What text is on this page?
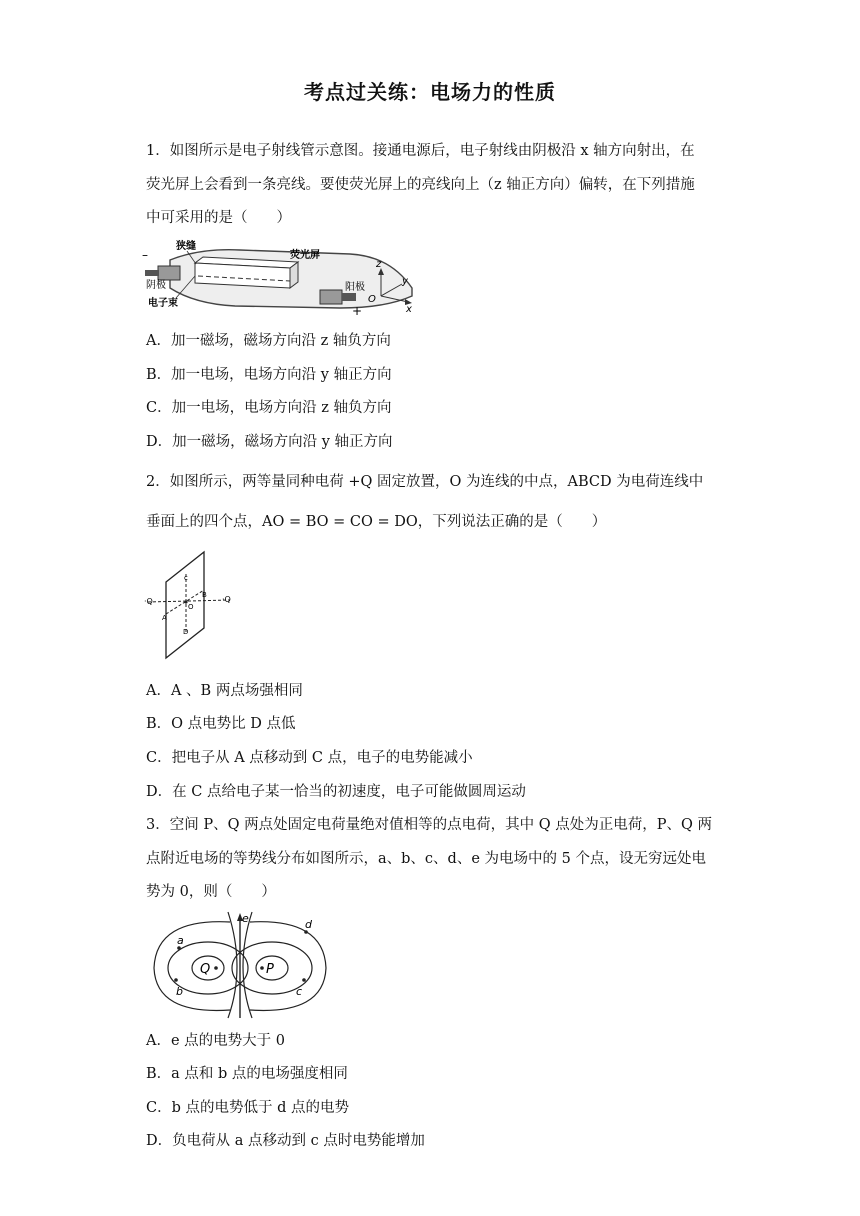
考点过关练：电场力的性质
1．如图所示是电子射线管示意图。接通电源后，电子射线由阴极沿 x 轴方向射出，在
荧光屏上会看到一条亮线。要使荧光屏上的亮线向上（z 轴正方向）偏转，在下列措施
中可采用的是（　　）
–
狭缝
荧光屏
阴极
电子束
阳极
+
z
y
x
O
A．加一磁场，磁场方向沿 z 轴负方向
B．加一电场，电场方向沿 y 轴正方向
C．加一电场，电场方向沿 z 轴负方向
D．加一磁场，磁场方向沿 y 轴正方向
2．如图所示，两等量同种电荷 +Q 固定放置，O 为连线的中点，ABCD 为电荷连线中
垂面上的四个点，AO = BO = CO = DO，下列说法正确的是（　　）
·Q	·Q
c
D
O
A
B
A．A 、B 两点场强相同
B．O 点电势比 D 点低
C．把电子从 A 点移动到 C 点，电子的电势能减小
D．在 C 点给电子某一恰当的初速度，电子可能做圆周运动
3．空间 P、Q 两点处固定电荷量绝对值相等的点电荷，其中 Q 点处为正电荷，P、Q 两
点附近电场的等势线分布如图所示，a、b、c、d、e 为电场中的 5 个点，设无穷远处电
势为 0，则（　　）
Q	P
a
b	c
d
e
A．e 点的电势大于 0
B．a 点和 b 点的电场强度相同
C．b 点的电势低于 d 点的电势
D．负电荷从 a 点移动到 c 点时电势能增加
